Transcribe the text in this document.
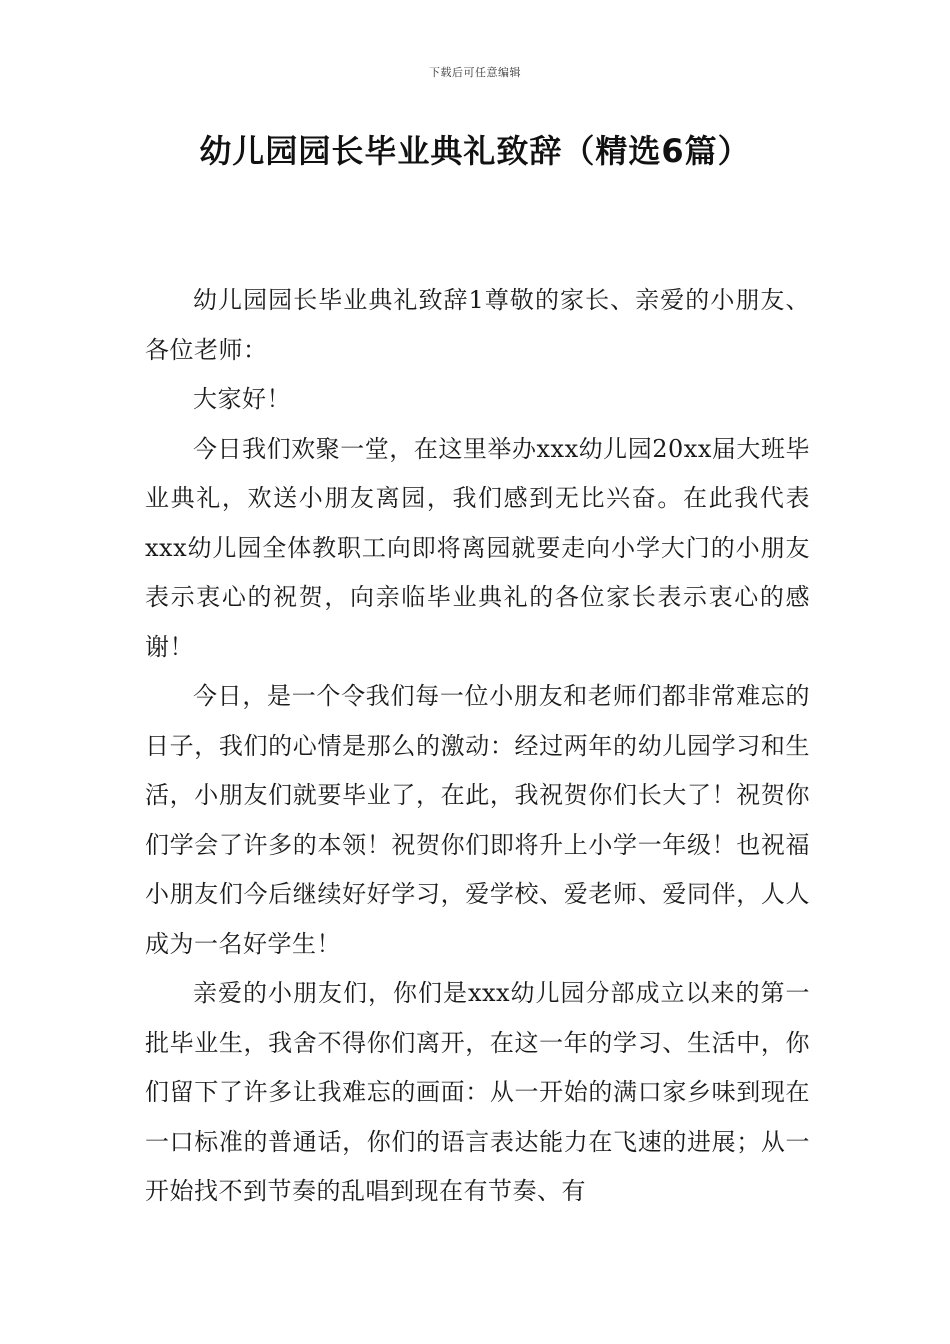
下载后可任意编辑
幼儿园园长毕业典礼致辞（精选6篇）

幼儿园园长毕业典礼致辞1尊敬的家长、亲爱的小朋友、各位老师：

大家好！

今日我们欢聚一堂，在这里举办xxx幼儿园20xx届大班毕业典礼，欢送小朋友离园，我们感到无比兴奋。在此我代表xxx幼儿园全体教职工向即将离园就要走向小学大门的小朋友表示衷心的祝贺，向亲临毕业典礼的各位家长表示衷心的感谢！

今日，是一个令我们每一位小朋友和老师们都非常难忘的日子，我们的心情是那么的激动：经过两年的幼儿园学习和生活，小朋友们就要毕业了，在此，我祝贺你们长大了！祝贺你们学会了许多的本领！祝贺你们即将升上小学一年级！也祝福小朋友们今后继续好好学习，爱学校、爱老师、爱同伴，人人成为一名好学生！

亲爱的小朋友们，你们是xxx幼儿园分部成立以来的第一批毕业生，我舍不得你们离开，在这一年的学习、生活中，你们留下了许多让我难忘的画面：从一开始的满口家乡味到现在一口标准的普通话，你们的语言表达能力在飞速的进展；从一开始找不到节奏的乱唱到现在有节奏、有
